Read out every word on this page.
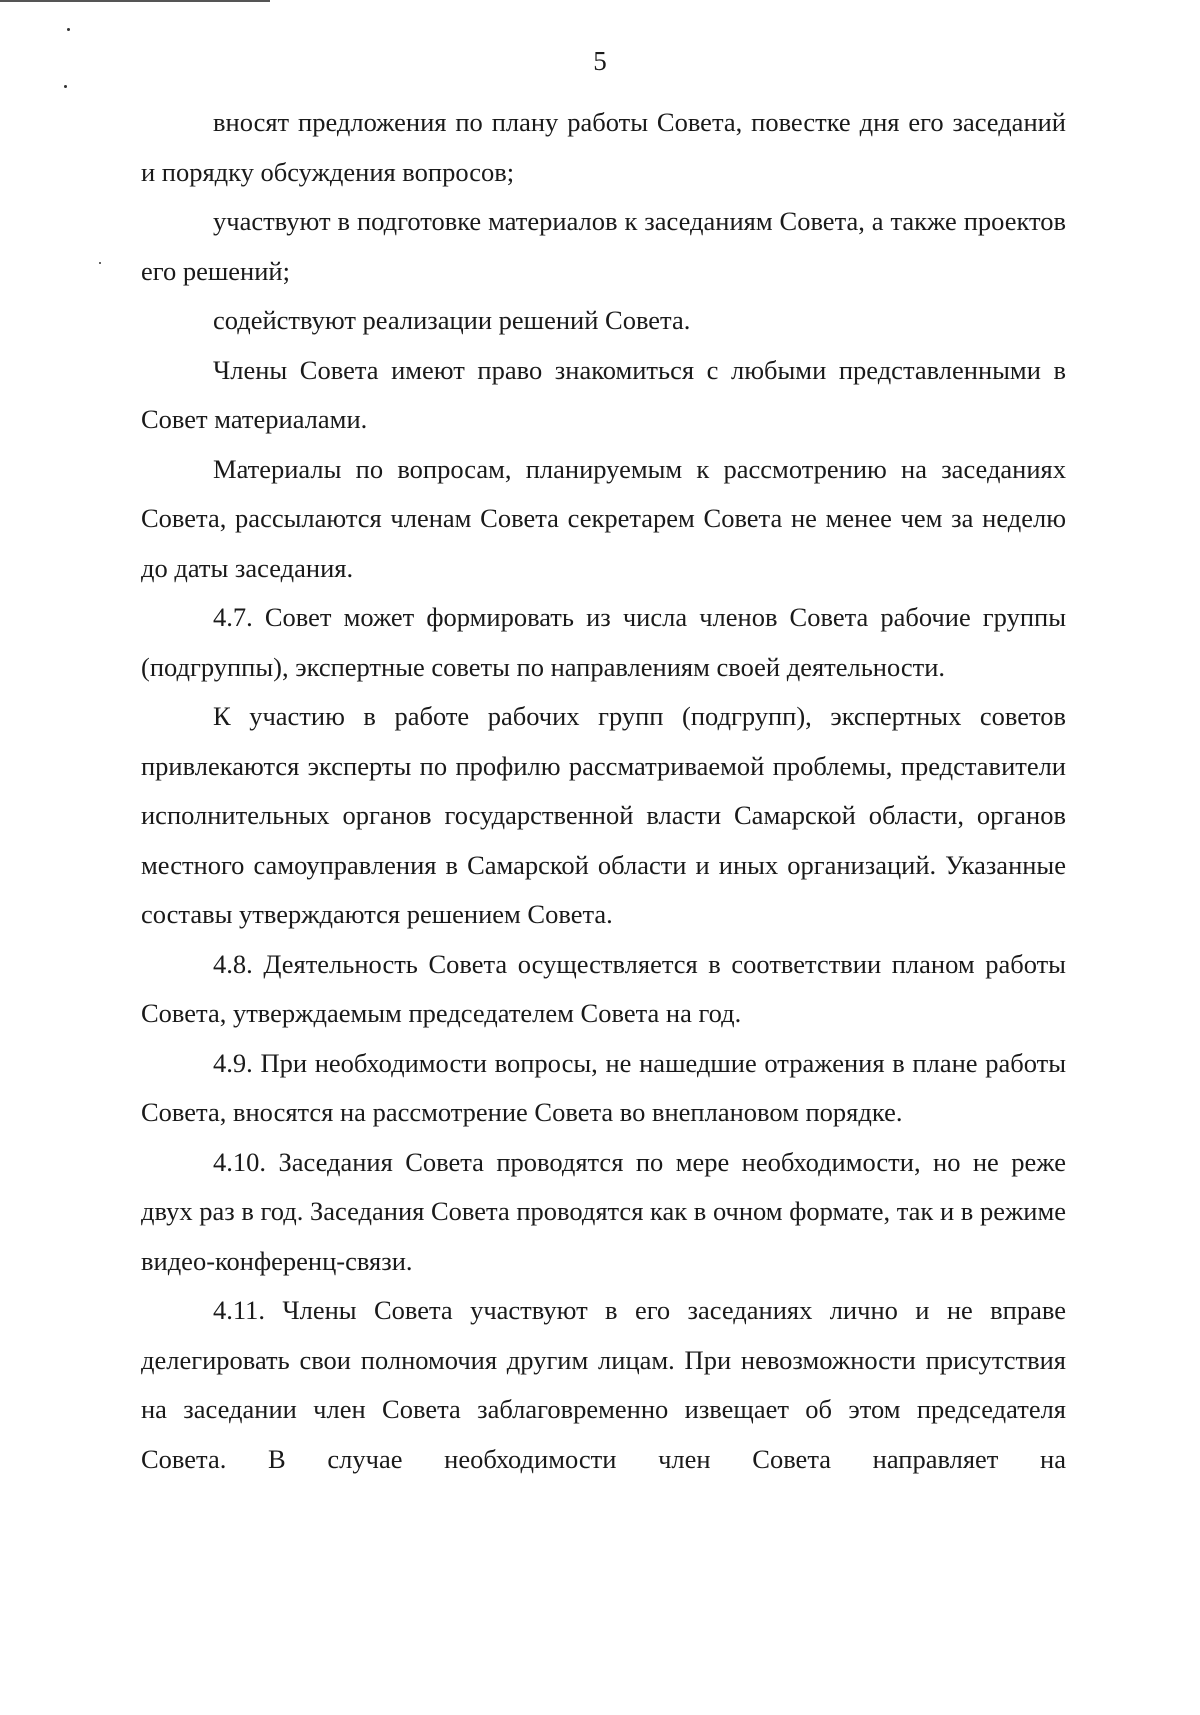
5

вносят предложения по плану работы Совета, повестке дня его заседаний и порядку обсуждения вопросов;

участвуют в подготовке материалов к заседаниям Совета, а также проектов его решений;

содействуют реализации решений Совета.

Члены Совета имеют право знакомиться с любыми представленными в Совет материалами.

Материалы по вопросам, планируемым к рассмотрению на заседаниях Совета, рассылаются членам Совета секретарем Совета не менее чем за неделю до даты заседания.

4.7. Совет может формировать из числа членов Совета рабочие группы (подгруппы), экспертные советы по направлениям своей деятельности.

К участию в работе рабочих групп (подгрупп), экспертных советов привлекаются эксперты по профилю рассматриваемой проблемы, представители исполнительных органов государственной власти Самарской области, органов местного самоуправления в Самарской области и иных организаций. Указанные составы утверждаются решением Совета.

4.8. Деятельность Совета осуществляется в соответствии планом работы Совета, утверждаемым председателем Совета на год.

4.9. При необходимости вопросы, не нашедшие отражения в плане работы Совета, вносятся на рассмотрение Совета во внеплановом порядке.

4.10. Заседания Совета проводятся по мере необходимости, но не реже двух раз в год. Заседания Совета проводятся как в очном формате, так и в режиме видео-конференц-связи.

4.11. Члены Совета участвуют в его заседаниях лично и не вправе делегировать свои полномочия другим лицам. При невозможности присутствия на заседании член Совета заблаговременно извещает об этом председателя Совета. В случае необходимости член Совета направляет на
